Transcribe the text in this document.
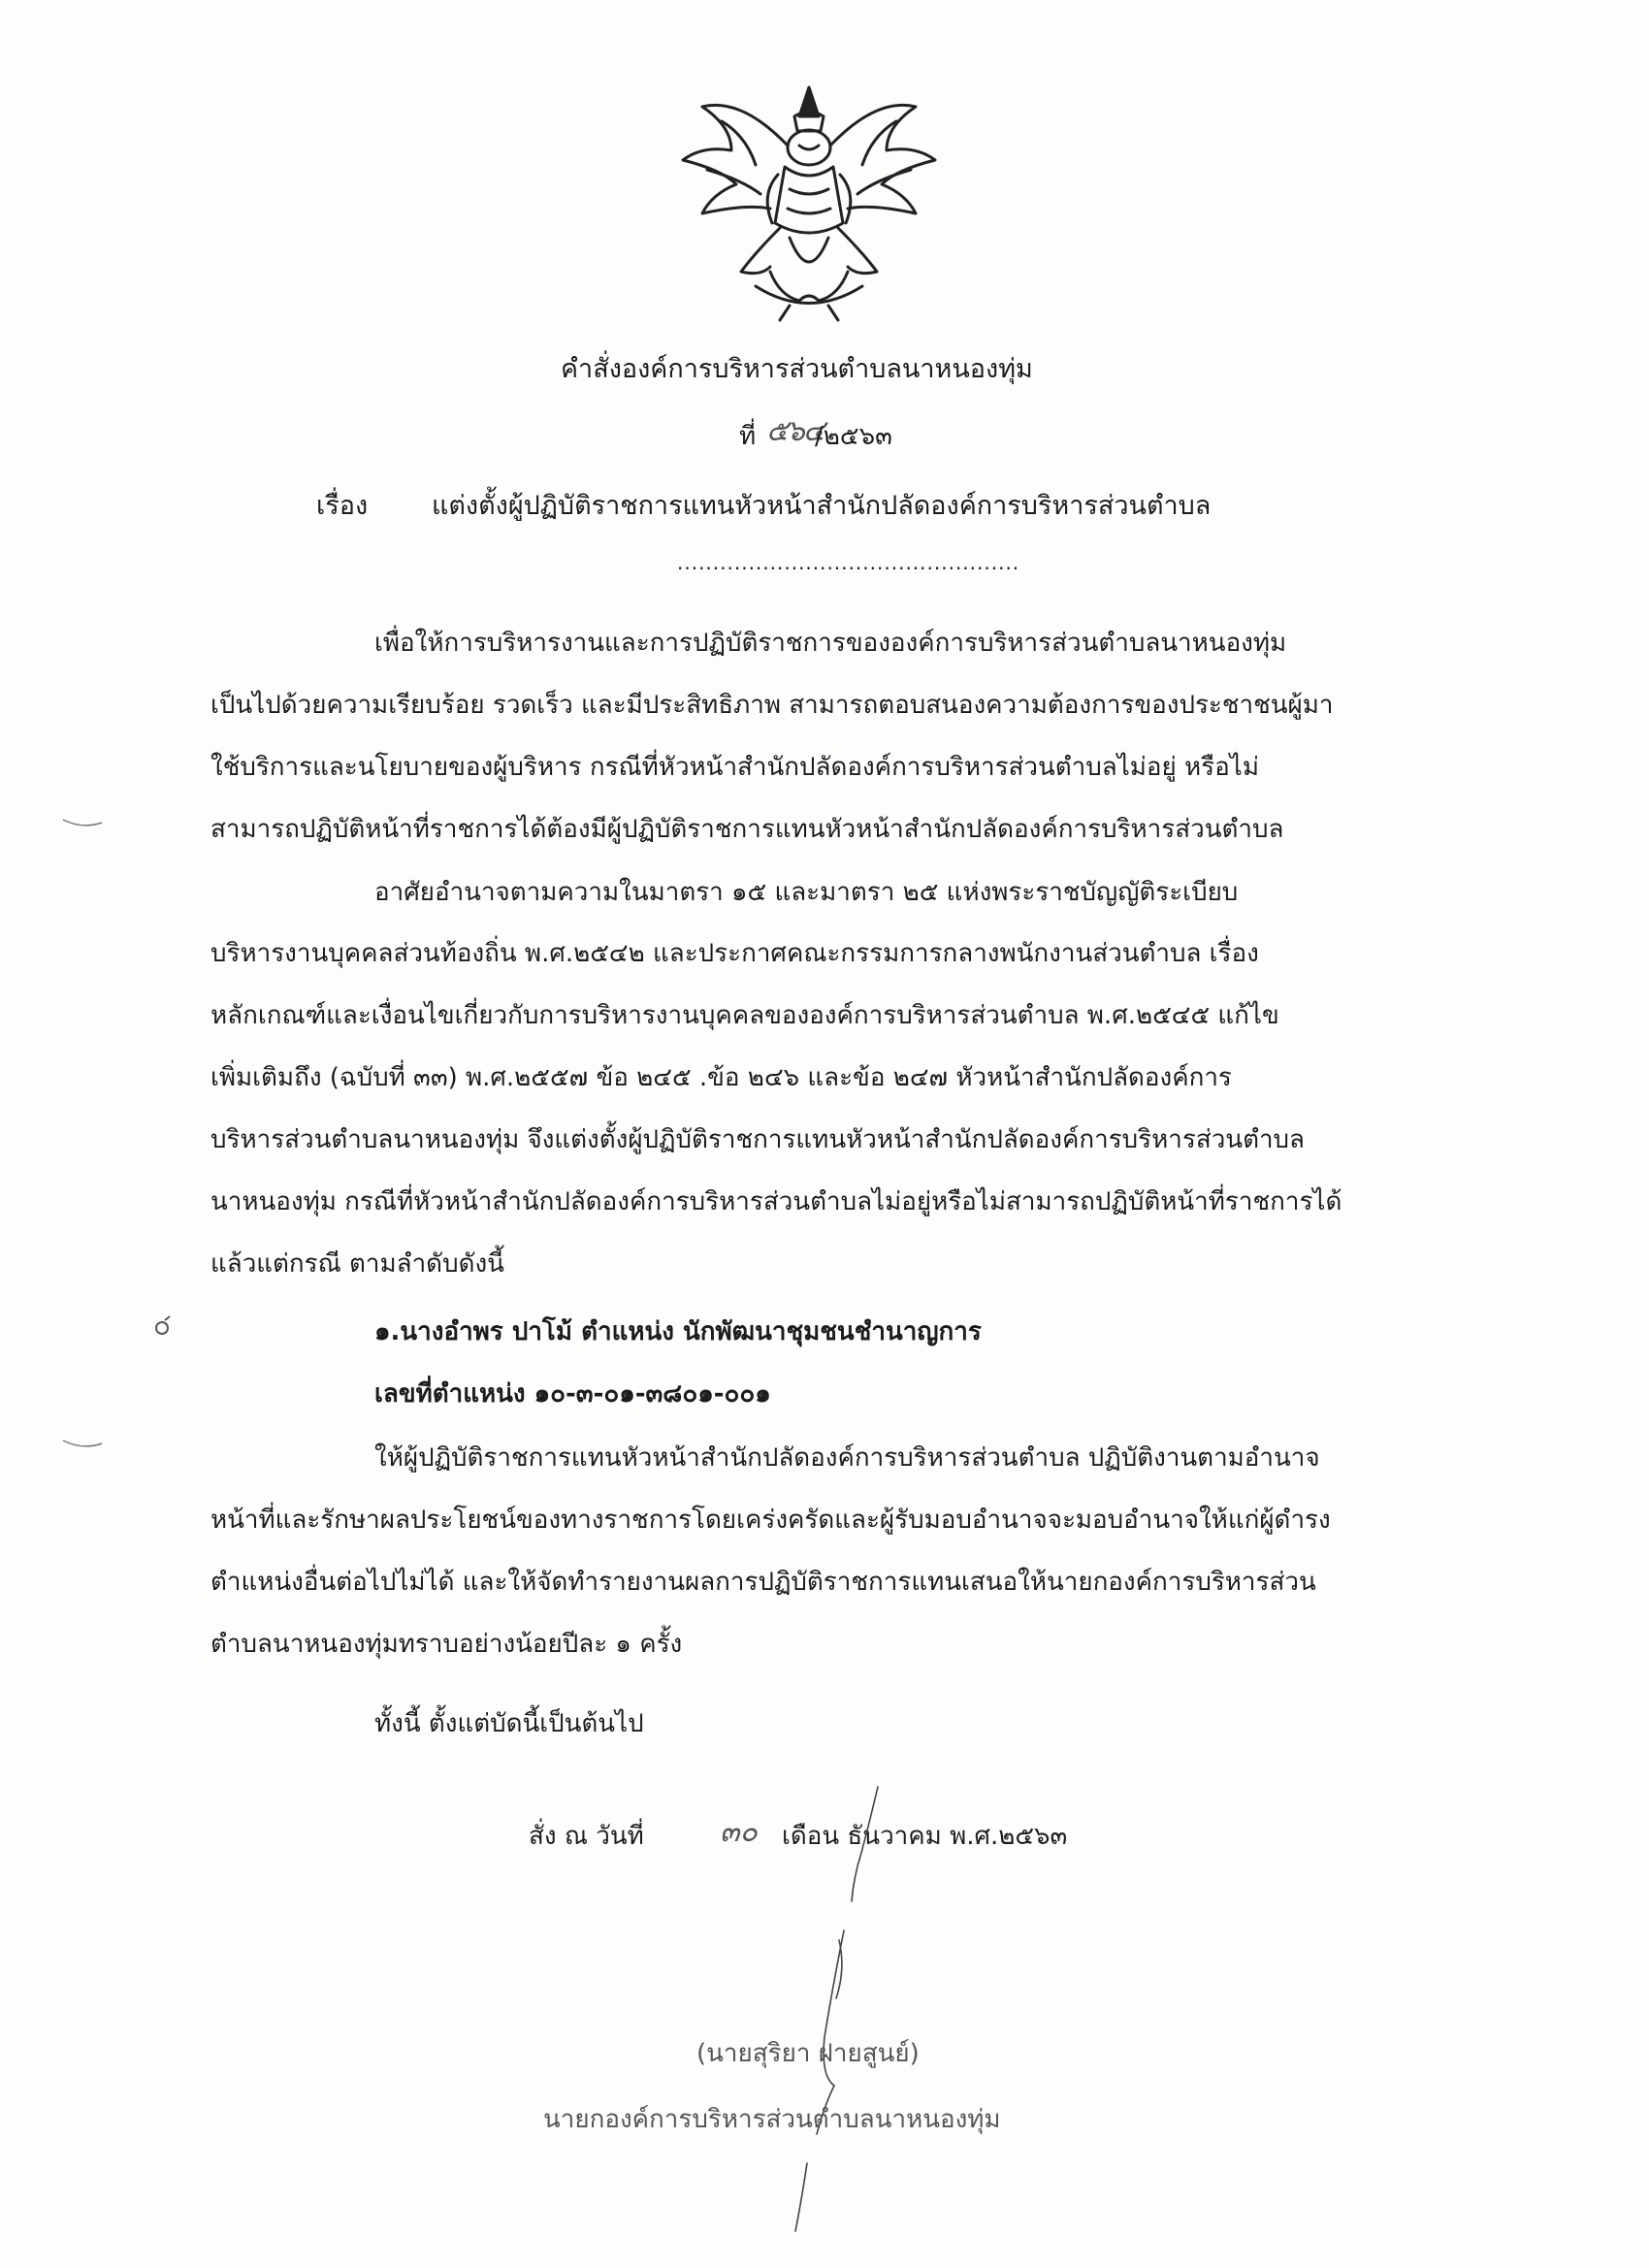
คำสั่งองค์การบริหารส่วนตำบลนาหนองทุ่ม
ที่ ๕๖๔
/๒๕๖๓
เรื่อง แต่งตั้งผู้ปฏิบัติราชการแทนหัวหน้าสำนักปลัดองค์การบริหารส่วนตำบล
................................................
เพื่อให้การบริหารงานและการปฏิบัติราชการขององค์การบริหารส่วนตำบลนาหนองทุ่ม
เป็นไปด้วยความเรียบร้อย รวดเร็ว และมีประสิทธิภาพ สามารถตอบสนองความต้องการของประชาชนผู้มา
ใช้บริการและนโยบายของผู้บริหาร กรณีที่หัวหน้าสำนักปลัดองค์การบริหารส่วนตำบลไม่อยู่ หรือไม่
สามารถปฏิบัติหน้าที่ราชการได้ต้องมีผู้ปฏิบัติราชการแทนหัวหน้าสำนักปลัดองค์การบริหารส่วนตำบล
อาศัยอำนาจตามความในมาตรา ๑๕ และมาตรา ๒๕ แห่งพระราชบัญญัติระเบียบ
บริหารงานบุคคลส่วนท้องถิ่น พ.ศ.๒๕๔๒ และประกาศคณะกรรมการกลางพนักงานส่วนตำบล เรื่อง
หลักเกณฑ์และเงื่อนไขเกี่ยวกับการบริหารงานบุคคลขององค์การบริหารส่วนตำบล พ.ศ.๒๕๔๕ แก้ไข
เพิ่มเติมถึง (ฉบับที่ ๓๓) พ.ศ.๒๕๕๗ ข้อ ๒๔๕ .ข้อ ๒๔๖ และข้อ ๒๔๗ หัวหน้าสำนักปลัดองค์การ
บริหารส่วนตำบลนาหนองทุ่ม จึงแต่งตั้งผู้ปฏิบัติราชการแทนหัวหน้าสำนักปลัดองค์การบริหารส่วนตำบล
นาหนองทุ่ม กรณีที่หัวหน้าสำนักปลัดองค์การบริหารส่วนตำบลไม่อยู่หรือไม่สามารถปฏิบัติหน้าที่ราชการได้
แล้วแต่กรณี ตามลำดับดังนี้
๑.นางอำพร ปาโม้ ตำแหน่ง นักพัฒนาชุมชนชำนาญการ
เลขที่ตำแหน่ง ๑๐-๓-๐๑-๓๘๐๑-๐๐๑
ให้ผู้ปฏิบัติราชการแทนหัวหน้าสำนักปลัดองค์การบริหารส่วนตำบล ปฏิบัติงานตามอำนาจ
หน้าที่และรักษาผลประโยชน์ของทางราชการโดยเคร่งครัดและผู้รับมอบอำนาจจะมอบอำนาจให้แก่ผู้ดำรง
ตำแหน่งอื่นต่อไปไม่ได้ และให้จัดทำรายงานผลการปฏิบัติราชการแทนเสนอให้นายกองค์การบริหารส่วน
ตำบลนาหนองทุ่มทราบอย่างน้อยปีละ ๑ ครั้ง
ทั้งนี้ ตั้งแต่บัดนี้เป็นต้นไป
สั่ง ณ วันที่	๓๐ เดือน ธันวาคม พ.ศ.๒๕๖๓
(นายสุริยา ฝายสูนย์)
นายกองค์การบริหารส่วนตำบลนาหนองทุ่ม
